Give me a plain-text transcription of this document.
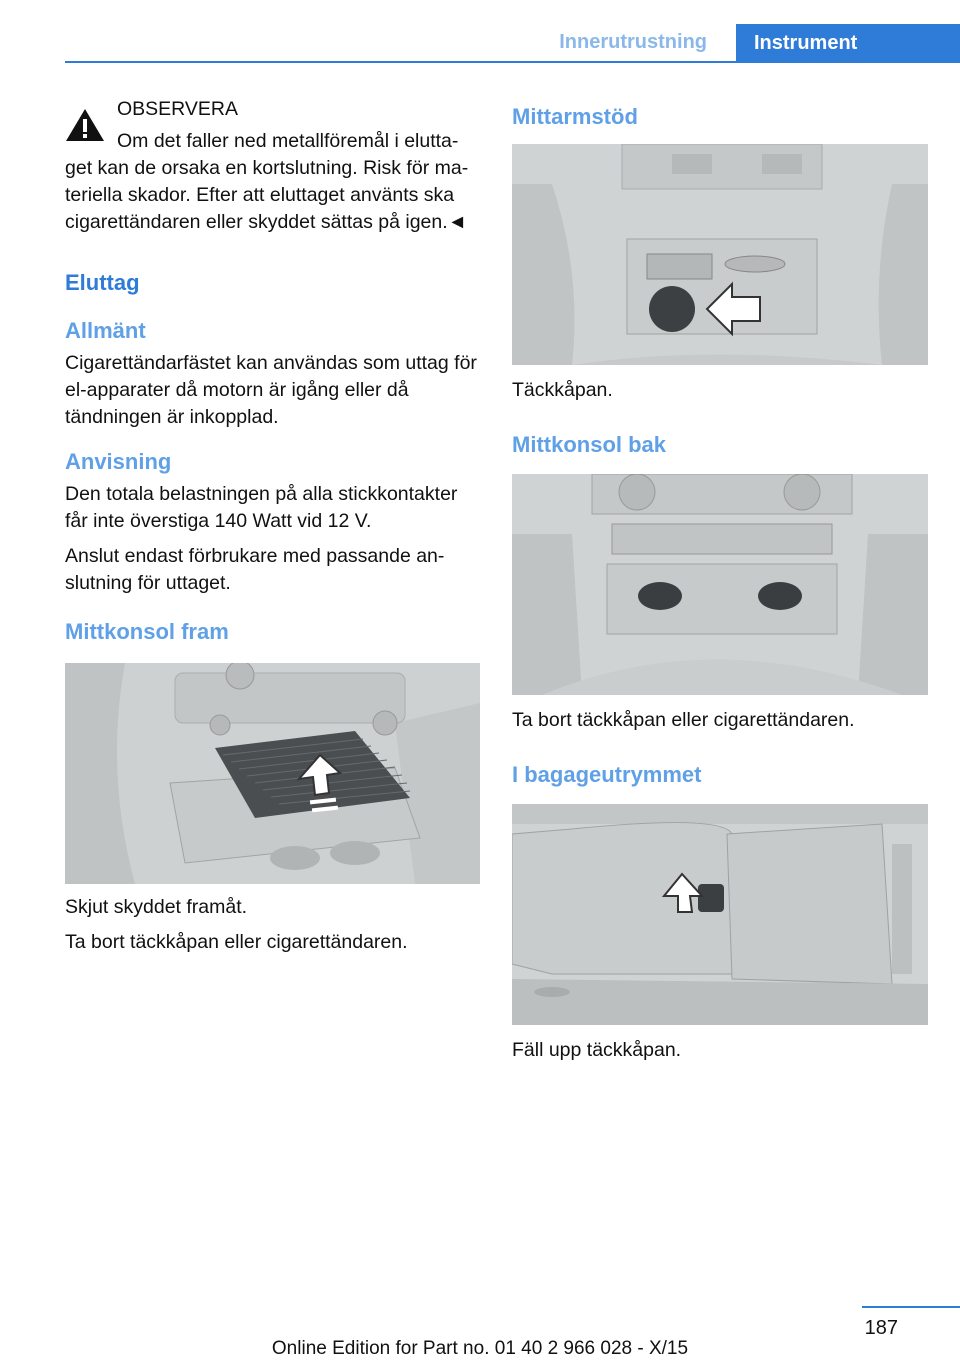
Innerutrustning	Instrument

OBSERVERA

Om det faller ned metallföremål i elutta-

get kan de orsaka en kortslutning. Risk för ma-teriella skador. Efter att eluttaget använts ska cigarettändaren eller skyddet sättas på igen.◄

Eluttag
Allmänt

Cigarettändarfästet kan användas som uttag för el-apparater då motorn är igång eller då tändningen är inkopplad.

Anvisning

Den totala belastningen på alla stickkontakter får inte överstiga 140 Watt vid 12 V.

Anslut endast förbrukare med passande an-slutning för uttaget.

Mittkonsol fram

Skjut skyddet framåt.

Ta bort täckkåpan eller cigarettändaren.

Mittarmstöd

Täckkåpan.

Mittkonsol bak

Ta bort täckkåpan eller cigarettändaren.

I bagageutrymmet

Fäll upp täckkåpan.

187
Online Edition for Part no. 01 40 2 966 028 - X/15
